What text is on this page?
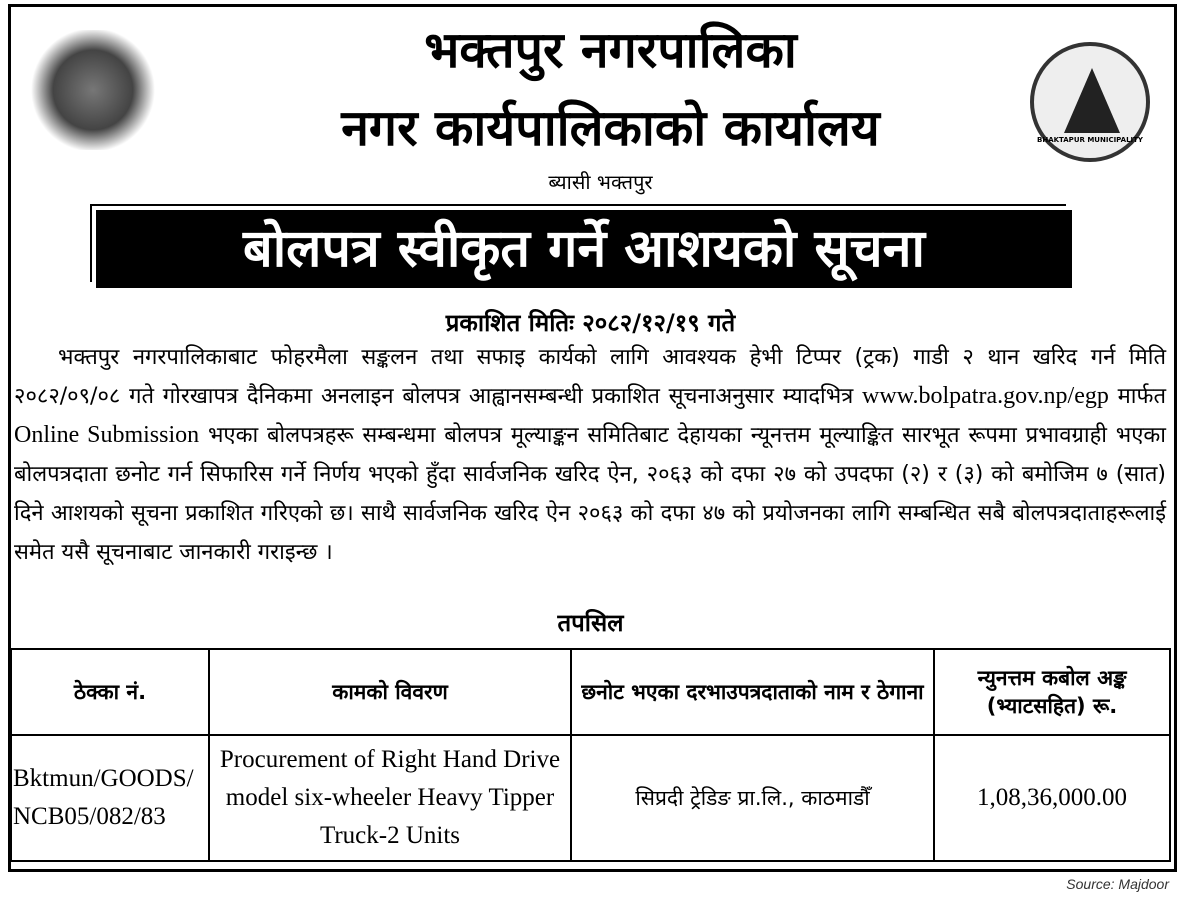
BHAKTAPUR MUNICIPALITY
भक्तपुर नगरपालिका
नगर कार्यपालिकाको कार्यालय
ब्यासी भक्तपुर
बोलपत्र स्वीकृत गर्ने आशयको सूचना
प्रकाशित मितिः २०८२/१२/१९ गते
  भक्तपुर नगरपालिकाबाट फोहरमैला सङ्कलन तथा सफाइ कार्यको लागि आवश्यक हेभी टिप्पर (ट्रक) गाडी २ थान खरिद गर्न मिति २०८२/०९/०८ गते गोरखापत्र दैनिकमा अनलाइन बोलपत्र आह्वानसम्बन्धी प्रकाशित सूचनाअनुसार म्यादभित्र www.bolpatra.gov.np/egp मार्फत Online Submission भएका बोलपत्रहरू सम्बन्धमा बोलपत्र मूल्याङ्कन समितिबाट देहायका न्यूनत्तम मूल्याङ्कित सारभूत रूपमा प्रभावग्राही भएका बोलपत्रदाता छनोट गर्न सिफारिस गर्ने निर्णय भएको हुँदा सार्वजनिक खरिद ऐन, २०६३ को दफा २७ को उपदफा (२) र (३) को बमोजिम ७ (सात) दिने आशयको सूचना प्रकाशित गरिएको छ। साथै सार्वजनिक खरिद ऐन २०६३ को दफा ४७ को प्रयोजनका लागि सम्बन्धित सबै बोलपत्रदाताहरूलाई समेत यसै सूचनाबाट जानकारी गराइन्छ ।
तपसिल
ठेक्का नं.	कामको विवरण	छनोट भएका दरभाउपत्रदाताको नाम र ठेगाना	न्युनत्तम कबोल अङ्क (भ्याटसहित) रू.
Bktmun/GOODS/NCB05/082/83	Procurement of Right Hand Drive model six-wheeler Heavy Tipper Truck-2 Units	सिप्रदी ट्रेडिङ प्रा.लि., काठमाडौँ	1,08,36,000.00
Source: Majdoor
